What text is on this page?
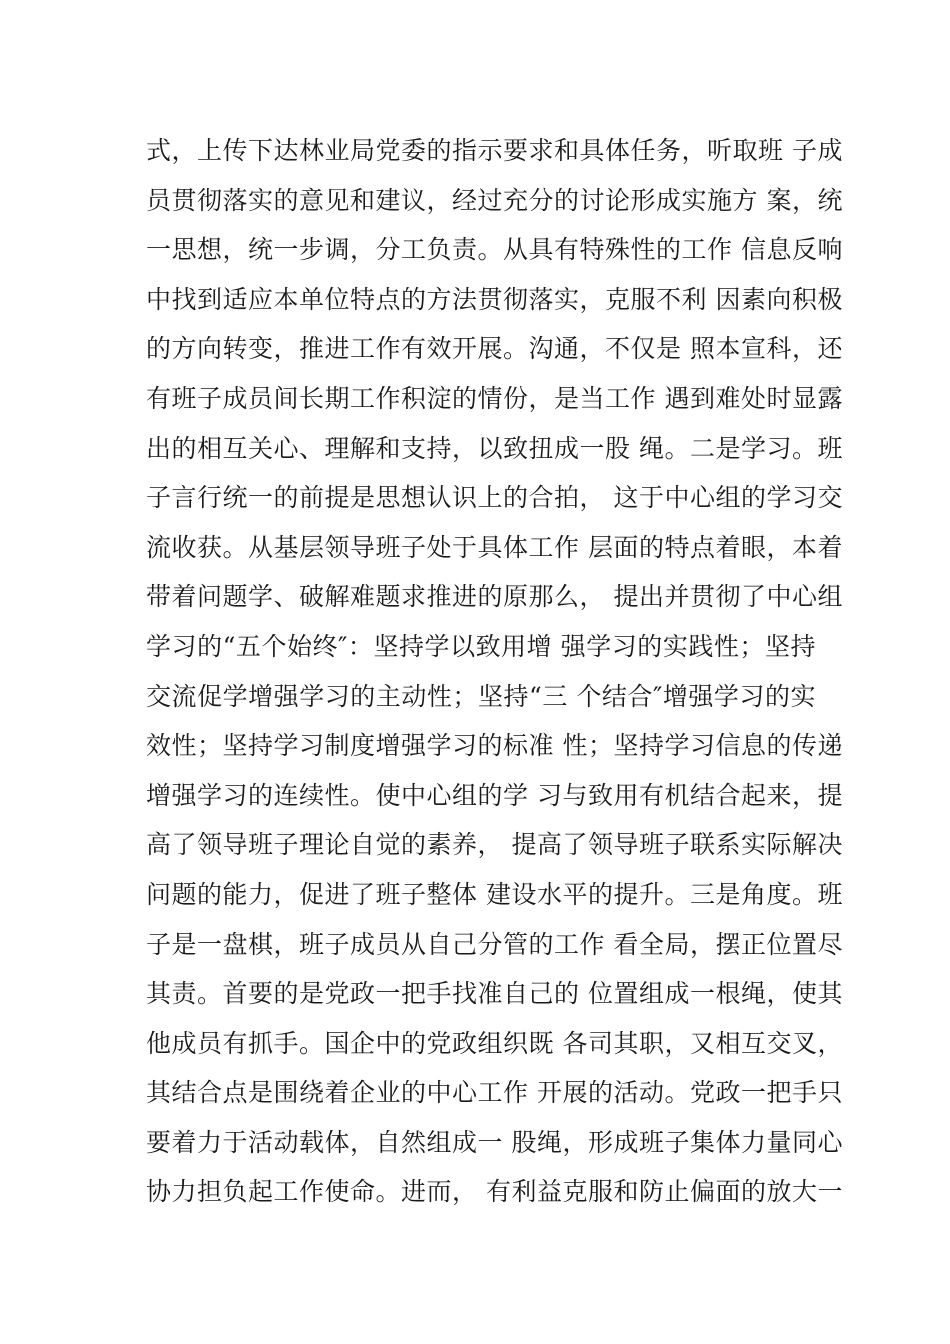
式，上传下达林业局党委的指示要求和具体任务，听取班 子成
员贯彻落实的意见和建议，经过充分的讨论形成实施方 案，统
一思想，统一步调，分工负责。从具有特殊性的工作 信息反响
中找到适应本单位特点的方法贯彻落实，克服不利 因素向积极
的方向转变，推进工作有效开展。沟通，不仅是 照本宣科，还
有班子成员间长期工作积淀的情份，是当工作 遇到难处时显露
出的相互关心、理解和支持，以致扭成一股 绳。二是学习。班
子言行统一的前提是思想认识上的合拍， 这于中心组的学习交
流收获。从基层领导班子处于具体工作 层面的特点着眼，本着
带着问题学、破解难题求推进的原那么， 提出并贯彻了中心组
学习的“五个始终″：坚持学以致用增 强学习的实践性；坚持
交流促学增强学习的主动性；坚持“三 个结合″增强学习的实
效性；坚持学习制度增强学习的标准 性；坚持学习信息的传递
增强学习的连续性。使中心组的学 习与致用有机结合起来，提
高了领导班子理论自觉的素养， 提高了领导班子联系实际解决
问题的能力，促进了班子整体 建设水平的提升。三是角度。班
子是一盘棋，班子成员从自己分管的工作 看全局，摆正位置尽
其责。首要的是党政一把手找准自己的 位置组成一根绳，使其
他成员有抓手。国企中的党政组织既 各司其职，又相互交叉，
其结合点是围绕着企业的中心工作 开展的活动。党政一把手只
要着力于活动载体，自然组成一 股绳，形成班子集体力量同心
协力担负起工作使命。进而， 有利益克服和防止偏面的放大一
